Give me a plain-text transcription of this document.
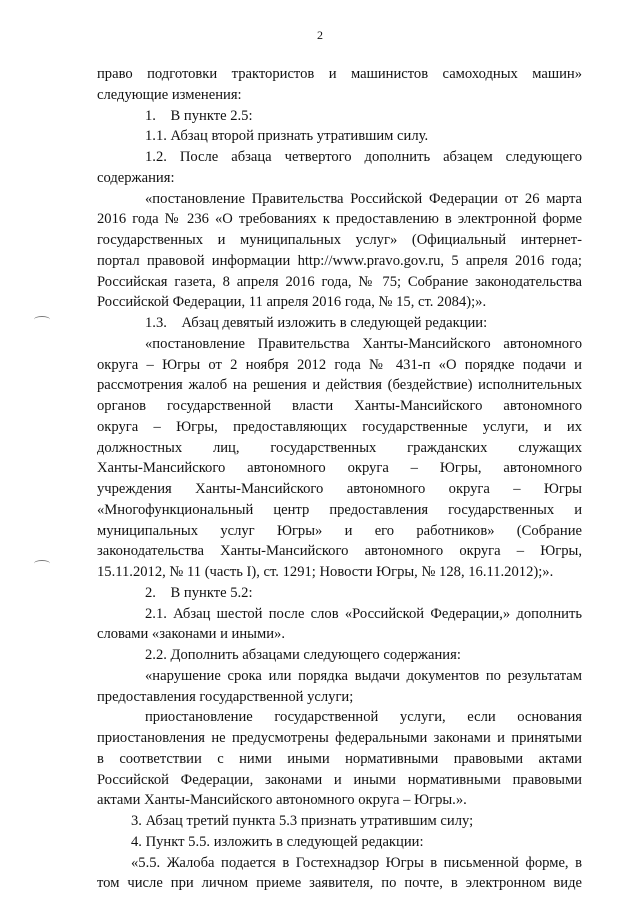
2
право подготовки трактористов и машинистов самоходных машин»
следующие изменения:
1. В пункте 2.5:
1.1. Абзац второй признать утратившим силу.
1.2. После абзаца четвертого дополнить абзацем следующего
содержания:
«постановление Правительства Российской Федерации от 26 марта
2016 года № 236 «О требованиях к предоставлению в электронной форме
государственных и муниципальных услуг» (Официальный интернет-
портал правовой информации http://www.pravo.gov.ru, 5 апреля 2016 года;
Российская газета, 8 апреля 2016 года, № 75; Собрание законодательства
Российской Федерации, 11 апреля 2016 года, № 15, ст. 2084);».
1.3. Абзац девятый изложить в следующей редакции:
«постановление Правительства Ханты-Мансийского автономного
округа – Югры от 2 ноября 2012 года № 431-п «О порядке подачи и
рассмотрения жалоб на решения и действия (бездействие) исполнительных
органов государственной власти Ханты-Мансийского автономного
округа – Югры, предоставляющих государственные услуги, и их
должностных лиц, государственных гражданских служащих
Ханты-Мансийского автономного округа – Югры, автономного
учреждения Ханты-Мансийского автономного округа – Югры
«Многофункциональный центр предоставления государственных и
муниципальных услуг Югры» и его работников» (Собрание
законодательства Ханты-Мансийского автономного округа – Югры,
15.11.2012, № 11 (часть I), ст. 1291; Новости Югры, № 128, 16.11.2012);».
2. В пункте 5.2:
2.1. Абзац шестой после слов «Российской Федерации,» дополнить
словами «законами и иными».
2.2. Дополнить абзацами следующего содержания:
«нарушение срока или порядка выдачи документов по результатам
предоставления государственной услуги;
приостановление государственной услуги, если основания
приостановления не предусмотрены федеральными законами и принятыми
в соответствии с ними иными нормативными правовыми актами
Российской Федерации, законами и иными нормативными правовыми
актами Ханты-Мансийского автономного округа – Югры.».
3. Абзац третий пункта 5.3 признать утратившим силу;
4. Пункт 5.5. изложить в следующей редакции:
«5.5. Жалоба подается в Гостехнадзор Югры в письменной форме, в
том числе при личном приеме заявителя, по почте, в электронном виде
